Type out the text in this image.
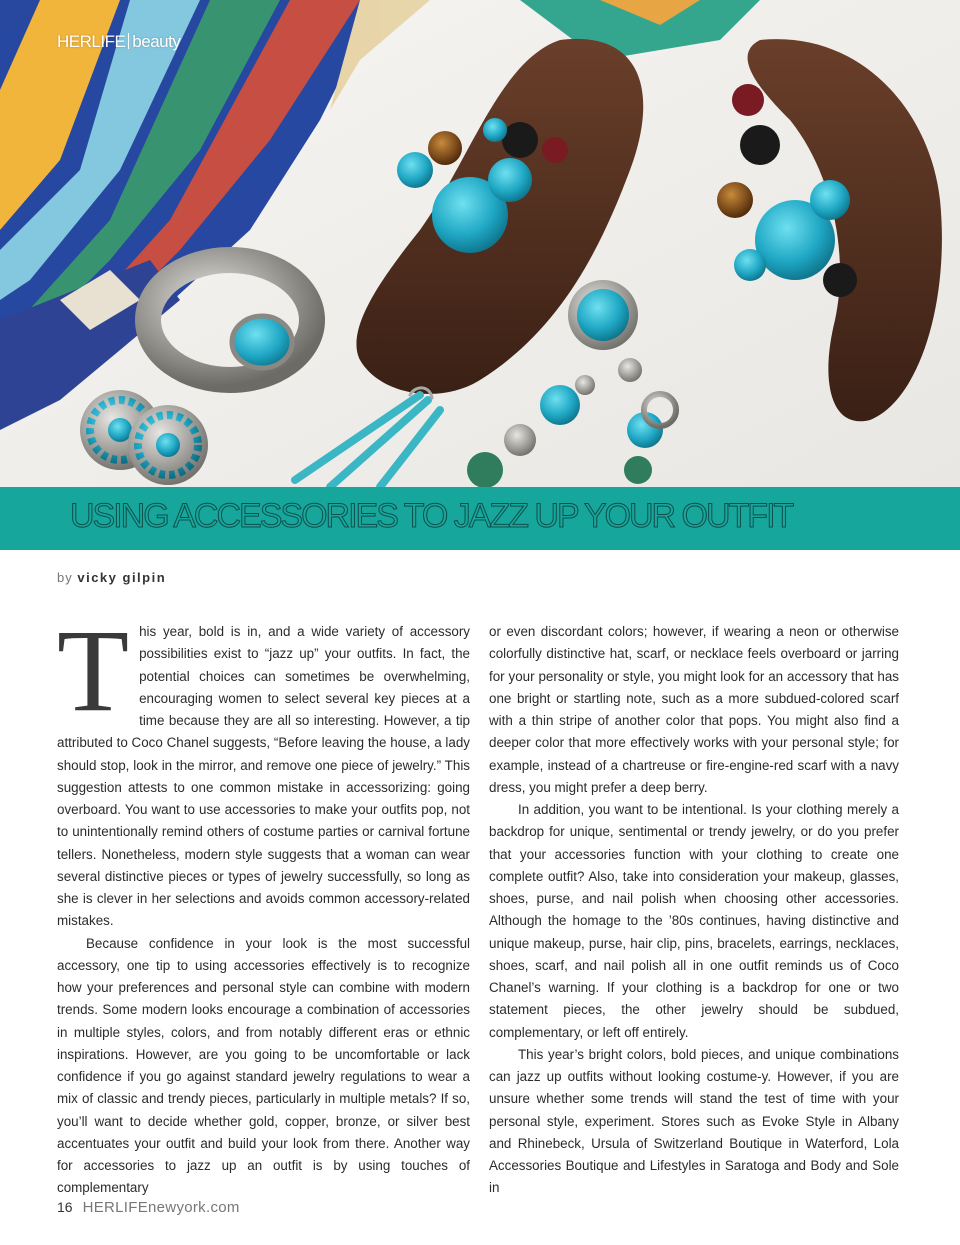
HERLIFE beauty
USING ACCESSORIES TO JAZZ UP YOUR OUTFIT
by vicky gilpin

This year, bold is in, and a wide variety of accessory possibilities exist to “jazz up” your outfits. In fact, the potential choices can sometimes be overwhelming, encouraging women to select several key pieces at a time because they are all so interesting. However, a tip attributed to Coco Chanel suggests, “Before leaving the house, a lady should stop, look in the mirror, and remove one piece of jewelry.” This suggestion attests to one common mistake in accessorizing: going overboard. You want to use accessories to make your outfits pop, not to unintentionally remind others of costume parties or carnival fortune tellers. Nonetheless, modern style suggests that a woman can wear several distinctive pieces or types of jewelry successfully, so long as she is clever in her selections and avoids common accessory-related mistakes.

Because confidence in your look is the most successful accessory, one tip to using accessories effectively is to recognize how your preferences and personal style can combine with modern trends. Some modern looks encourage a combination of accessories in multiple styles, colors, and from notably different eras or ethnic inspirations. However, are you going to be uncomfortable or lack confidence if you go against standard jewelry regulations to wear a mix of classic and trendy pieces, particularly in multiple metals? If so, you’ll want to decide whether gold, copper, bronze, or silver best accentuates your outfit and build your look from there. Another way for accessories to jazz up an outfit is by using touches of complementary

or even discordant colors; however, if wearing a neon or otherwise colorfully distinctive hat, scarf, or necklace feels overboard or jarring for your personality or style, you might look for an accessory that has one bright or startling note, such as a more subdued-colored scarf with a thin stripe of another color that pops. You might also find a deeper color that more effectively works with your personal style; for example, instead of a chartreuse or fire-engine-red scarf with a navy dress, you might prefer a deep berry.

In addition, you want to be intentional. Is your clothing merely a backdrop for unique, sentimental or trendy jewelry, or do you prefer that your accessories function with your clothing to create one complete outfit? Also, take into consideration your makeup, glasses, shoes, purse, and nail polish when choosing other accessories. Although the homage to the ’80s continues, having distinctive and unique makeup, purse, hair clip, pins, bracelets, earrings, necklaces, shoes, scarf, and nail polish all in one outfit reminds us of Coco Chanel’s warning. If your clothing is a backdrop for one or two statement pieces, the other jewelry should be subdued, complementary, or left off entirely.

This year’s bright colors, bold pieces, and unique combinations can jazz up outfits without looking costume-y. However, if you are unsure whether some trends will stand the test of time with your personal style, experiment. Stores such as Evoke Style in Albany and Rhinebeck, Ursula of Switzerland Boutique in Waterford, Lola Accessories Boutique and Lifestyles in Saratoga and Body and Sole in

16 HERLIFEnewyork.com
